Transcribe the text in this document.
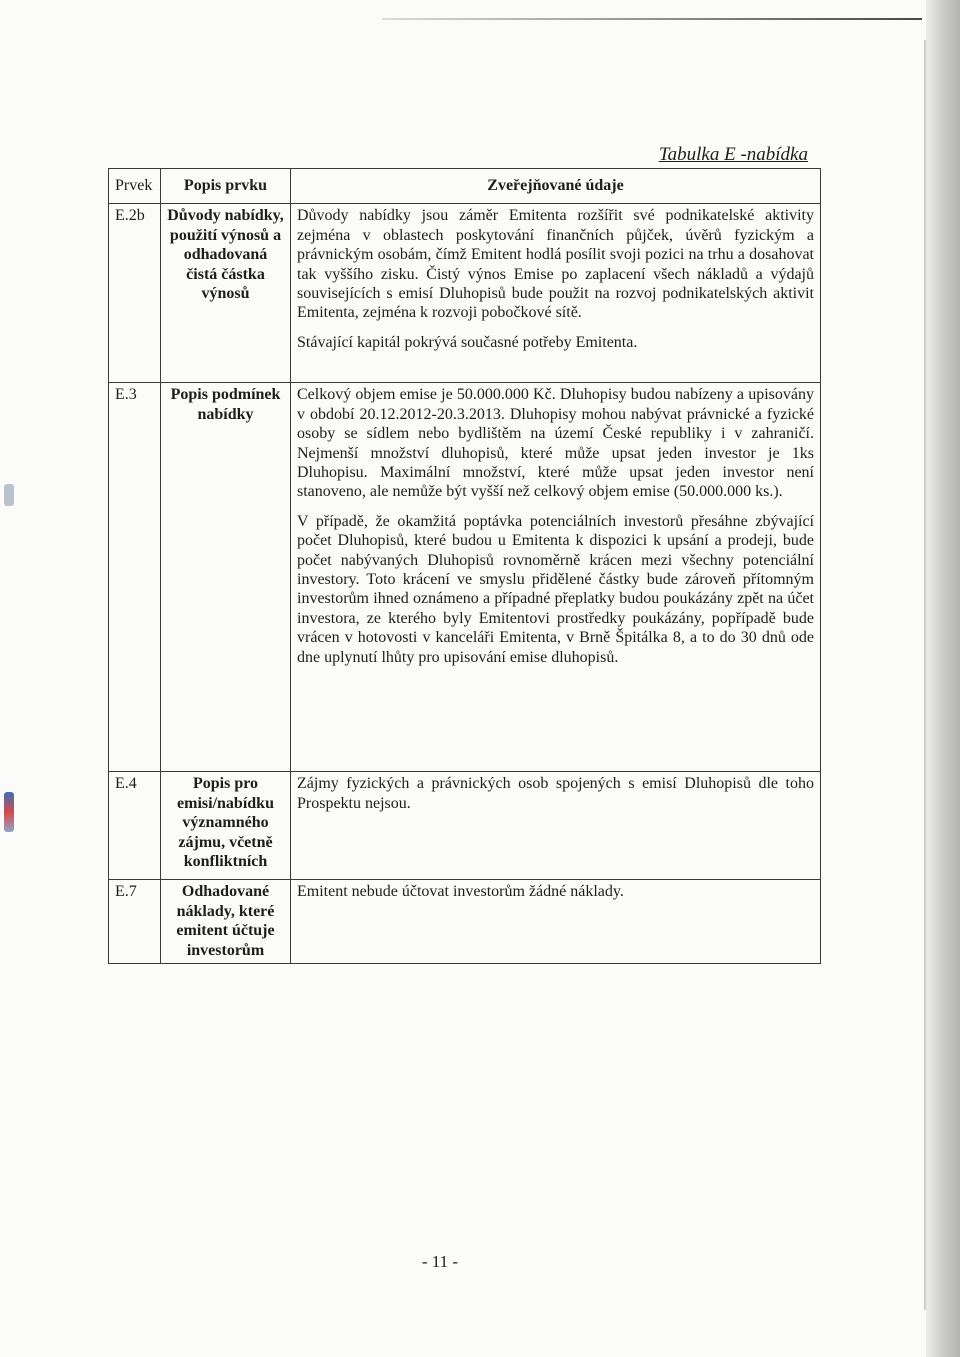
Tabulka E -nabídka

Prvek	Popis prvku	Zveřejňované údaje
E.2b	Důvody nabídky, použití výnosů a odhadovaná čistá částka výnosů	Důvody nabídky jsou záměr Emitenta rozšířit své podnikatelské aktivity zejména v oblastech poskytování finančních půjček, úvěrů fyzickým a právnickým osobám, čímž Emitent hodlá posílit svoji pozici na trhu a dosahovat tak vyššího zisku. Čistý výnos Emise po zaplacení všech nákladů a výdajů souvisejících s emisí Dluhopisů bude použit na rozvoj podnikatelských aktivit Emitenta, zejména k rozvoji pobočkové sítě.

Stávající kapitál pokrývá současné potřeby Emitenta.

E.3	Popis podmínek nabídky	Celkový objem emise je 50.000.000 Kč. Dluhopisy budou nabízeny a upisovány v období 20.12.2012-20.3.2013. Dluhopisy mohou nabývat právnické a fyzické osoby se sídlem nebo bydlištěm na území České republiky i v zahraničí. Nejmenší množství dluhopisů, které může upsat jeden investor je 1ks Dluhopisu. Maximální množství, které může upsat jeden investor není stanoveno, ale nemůže být vyšší než celkový objem emise (50.000.000 ks.).

V případě, že okamžitá poptávka potenciálních investorů přesáhne zbývající počet Dluhopisů, které budou u Emitenta k dispozici k upsání a prodeji, bude počet nabývaných Dluhopisů rovnoměrně krácen mezi všechny potenciální investory. Toto krácení ve smyslu přidělené částky bude zároveň přítomným investorům ihned oznámeno a případné přeplatky budou poukázány zpět na účet investora, ze kterého byly Emitentovi prostředky poukázány, popřípadě bude vrácen v hotovosti v kanceláři Emitenta, v Brně Špitálka 8, a to do 30 dnů ode dne uplynutí lhůty pro upisování emise dluhopisů.

E.4	Popis pro emisi/nabídku významného zájmu, včetně konfliktních	Zájmy fyzických a právnických osob spojených s emisí Dluhopisů dle toho Prospektu nejsou.

E.7	Odhadované náklady, které emitent účtuje investorům	Emitent nebude účtovat investorům žádné náklady.

- 11 -
